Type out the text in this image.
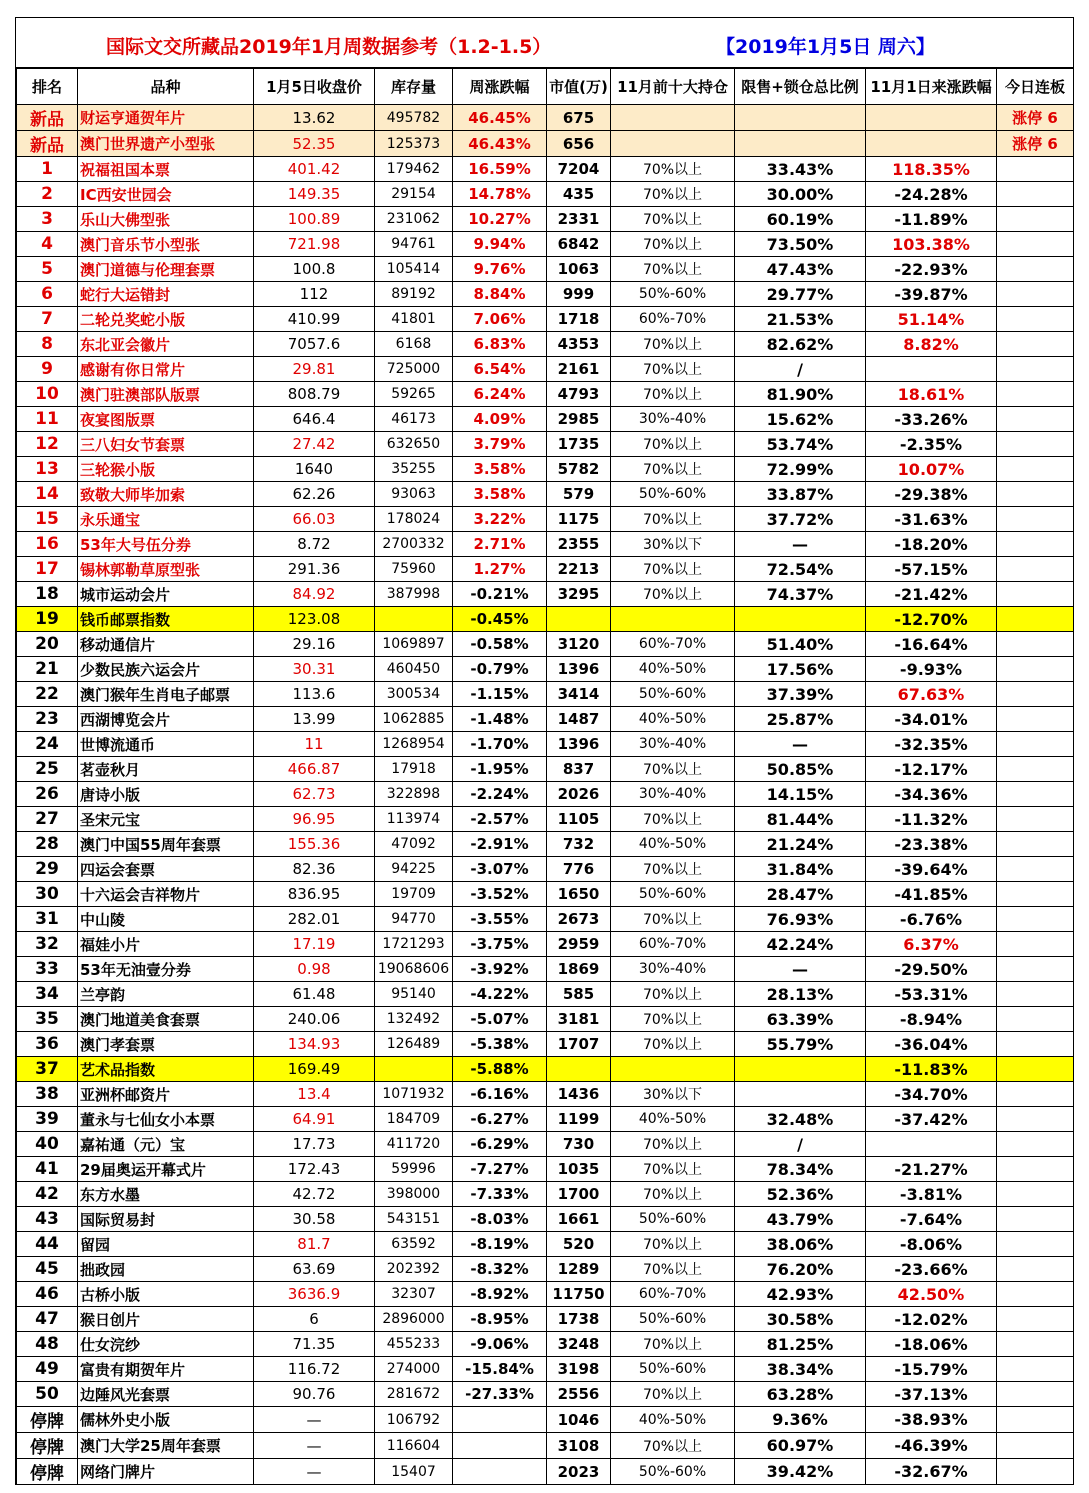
国际文交所藏品2019年1月周数据参考（1.2-1.5）	【2019年1月5日 周六】
排名	品种	1月5日收盘价	库存量	周涨跌幅	市值(万)	11月前十大持仓	限售+锁仓总比例	11月1日来涨跌幅	今日连板
新品	财运亨通贺年片	13.62	495782	46.45%	675				涨停 6
新品	澳门世界遗产小型张	52.35	125373	46.43%	656				涨停 6
1	祝福祖国本票	401.42	179462	16.59%	7204	70%以上	33.43%	118.35%	
2	IC西安世园会	149.35	29154	14.78%	435	70%以上	30.00%	-24.28%	
3	乐山大佛型张	100.89	231062	10.27%	2331	70%以上	60.19%	-11.89%	
4	澳门音乐节小型张	721.98	94761	9.94%	6842	70%以上	73.50%	103.38%	
5	澳门道德与伦理套票	100.8	105414	9.76%	1063	70%以上	47.43%	-22.93%	
6	蛇行大运错封	112	89192	8.84%	999	50%-60%	29.77%	-39.87%	
7	二轮兑奖蛇小版	410.99	41801	7.06%	1718	60%-70%	21.53%	51.14%	
8	东北亚会徽片	7057.6	6168	6.83%	4353	70%以上	82.62%	8.82%	
9	感谢有你日常片	29.81	725000	6.54%	2161	70%以上	/		
10	澳门驻澳部队版票	808.79	59265	6.24%	4793	70%以上	81.90%	18.61%	
11	夜宴图版票	646.4	46173	4.09%	2985	30%-40%	15.62%	-33.26%	
12	三八妇女节套票	27.42	632650	3.79%	1735	70%以上	53.74%	-2.35%	
13	三轮猴小版	1640	35255	3.58%	5782	70%以上	72.99%	10.07%	
14	致敬大师毕加索	62.26	93063	3.58%	579	50%-60%	33.87%	-29.38%	
15	永乐通宝	66.03	178024	3.22%	1175	70%以上	37.72%	-31.63%	
16	53年大号伍分券	8.72	2700332	2.71%	2355	30%以下	—	-18.20%	
17	锡林郭勒草原型张	291.36	75960	1.27%	2213	70%以上	72.54%	-57.15%	
18	城市运动会片	84.92	387998	-0.21%	3295	70%以上	74.37%	-21.42%	
19	钱币邮票指数	123.08		-0.45%				-12.70%	
20	移动通信片	29.16	1069897	-0.58%	3120	60%-70%	51.40%	-16.64%	
21	少数民族六运会片	30.31	460450	-0.79%	1396	40%-50%	17.56%	-9.93%	
22	澳门猴年生肖电子邮票	113.6	300534	-1.15%	3414	50%-60%	37.39%	67.63%	
23	西湖博览会片	13.99	1062885	-1.48%	1487	40%-50%	25.87%	-34.01%	
24	世博流通币	11	1268954	-1.70%	1396	30%-40%	—	-32.35%	
25	茗壶秋月	466.87	17918	-1.95%	837	70%以上	50.85%	-12.17%	
26	唐诗小版	62.73	322898	-2.24%	2026	30%-40%	14.15%	-34.36%	
27	圣宋元宝	96.95	113974	-2.57%	1105	70%以上	81.44%	-11.32%	
28	澳门中国55周年套票	155.36	47092	-2.91%	732	40%-50%	21.24%	-23.38%	
29	四运会套票	82.36	94225	-3.07%	776	70%以上	31.84%	-39.64%	
30	十六运会吉祥物片	836.95	19709	-3.52%	1650	50%-60%	28.47%	-41.85%	
31	中山陵	282.01	94770	-3.55%	2673	70%以上	76.93%	-6.76%	
32	福娃小片	17.19	1721293	-3.75%	2959	60%-70%	42.24%	6.37%	
33	53年无油壹分券	0.98	19068606	-3.92%	1869	30%-40%	—	-29.50%	
34	兰亭韵	61.48	95140	-4.22%	585	70%以上	28.13%	-53.31%	
35	澳门地道美食套票	240.06	132492	-5.07%	3181	70%以上	63.39%	-8.94%	
36	澳门孝套票	134.93	126489	-5.38%	1707	70%以上	55.79%	-36.04%	
37	艺术品指数	169.49		-5.88%				-11.83%	
38	亚洲杯邮资片	13.4	1071932	-6.16%	1436	30%以下		-34.70%	
39	董永与七仙女小本票	64.91	184709	-6.27%	1199	40%-50%	32.48%	-37.42%	
40	嘉祐通（元）宝	17.73	411720	-6.29%	730	70%以上	/		
41	29届奥运开幕式片	172.43	59996	-7.27%	1035	70%以上	78.34%	-21.27%	
42	东方水墨	42.72	398000	-7.33%	1700	70%以上	52.36%	-3.81%	
43	国际贸易封	30.58	543151	-8.03%	1661	50%-60%	43.79%	-7.64%	
44	留园	81.7	63592	-8.19%	520	70%以上	38.06%	-8.06%	
45	拙政园	63.69	202392	-8.32%	1289	70%以上	76.20%	-23.66%	
46	古桥小版	3636.9	32307	-8.92%	11750	60%-70%	42.93%	42.50%	
47	猴日创片	6	2896000	-8.95%	1738	50%-60%	30.58%	-12.02%	
48	仕女浣纱	71.35	455233	-9.06%	3248	70%以上	81.25%	-18.06%	
49	富贵有期贺年片	116.72	274000	-15.84%	3198	50%-60%	38.34%	-15.79%	
50	边陲风光套票	90.76	281672	-27.33%	2556	70%以上	63.28%	-37.13%	
停牌	儒林外史小版	—	106792		1046	40%-50%	9.36%	-38.93%	
停牌	澳门大学25周年套票	—	116604		3108	70%以上	60.97%	-46.39%	
停牌	网络门牌片	—	15407		2023	50%-60%	39.42%	-32.67%	
